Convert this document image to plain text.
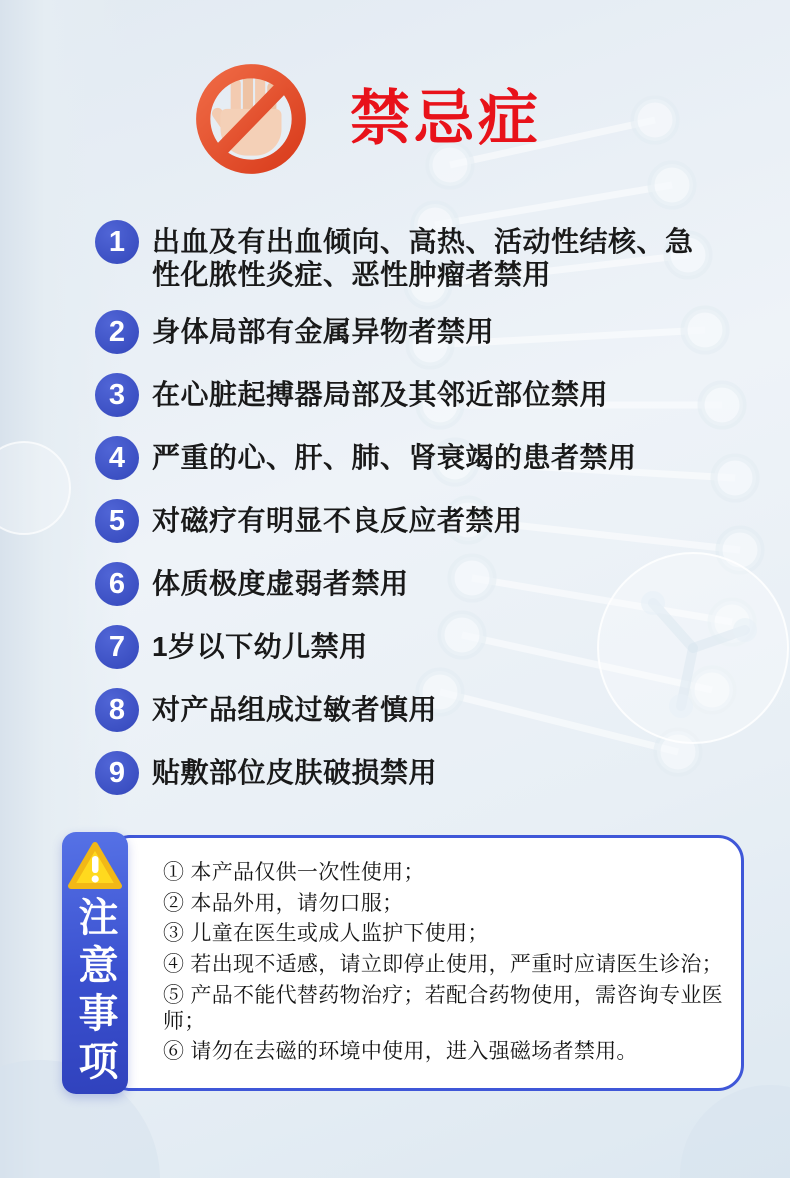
禁忌症
1 出血及有出血倾向、高热、活动性结核、急性化脓性炎症、恶性肿瘤者禁用
2 身体局部有金属异物者禁用
3 在心脏起搏器局部及其邻近部位禁用
4 严重的心、肝、肺、肾衰竭的患者禁用
5 对磁疗有明显不良反应者禁用
6 体质极度虚弱者禁用
7 1岁以下幼儿禁用
8 对产品组成过敏者慎用
9 贴敷部位皮肤破损禁用
① 本产品仅供一次性使用；
② 本品外用，请勿口服；
③ 儿童在医生或成人监护下使用；
④ 若出现不适感，请立即停止使用，严重时应请医生诊治；
⑤ 产品不能代替药物治疗；若配合药物使用，需咨询专业医师；
⑥ 请勿在去磁的环境中使用，进入强磁场者禁用。
注意事项
